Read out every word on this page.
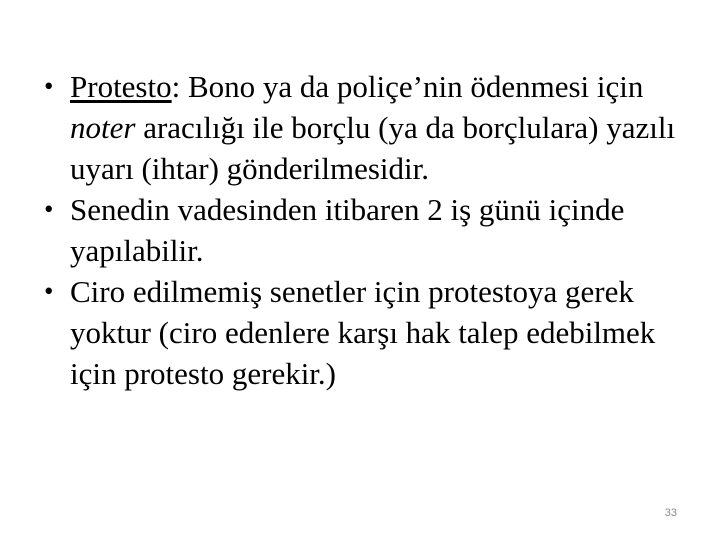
• Protesto: Bono ya da poliçe’nin ödenmesi için noter aracılığı ile borçlu (ya da borçlulara) yazılı uyarı (ihtar) gönderilmesidir.
• Senedin vadesinden itibaren 2 iş günü içinde yapılabilir.
• Ciro edilmemiş senetler için protestoya gerek yoktur (ciro edenlere karşı hak talep edebilmek için protesto gerekir.)
33
